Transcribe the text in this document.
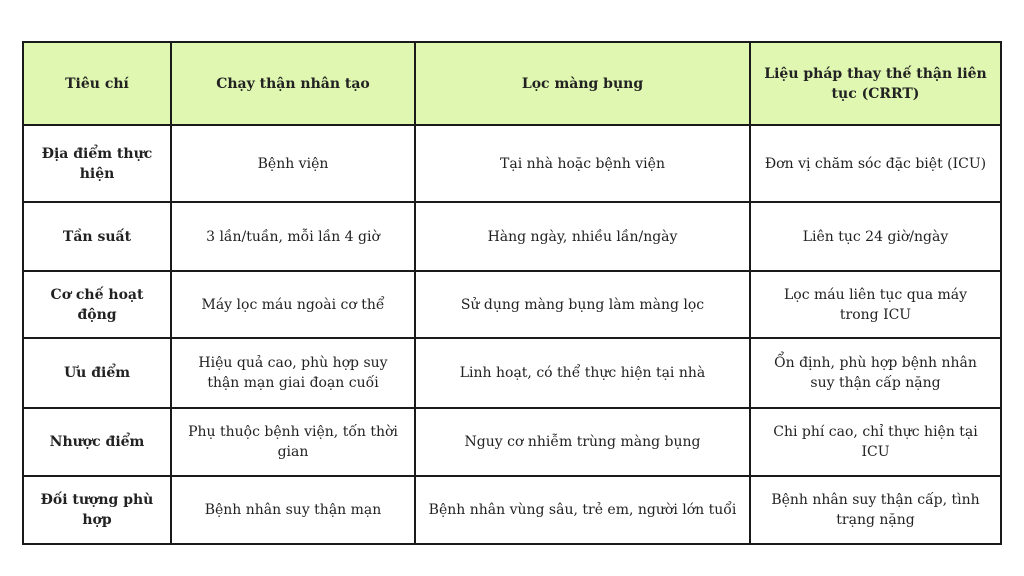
Tiêu chí	Chạy thận nhân tạo	Lọc màng bụng	Liệu pháp thay thế thận liên tục (CRRT)
Địa điểm thực hiện	Bệnh viện	Tại nhà hoặc bệnh viện	Đơn vị chăm sóc đặc biệt (ICU)
Tần suất	3 lần/tuần, mỗi lần 4 giờ	Hàng ngày, nhiều lần/ngày	Liên tục 24 giờ/ngày
Cơ chế hoạt động	Máy lọc máu ngoài cơ thể	Sử dụng màng bụng làm màng lọc	Lọc máu liên tục qua máy trong ICU
Ưu điểm	Hiệu quả cao, phù hợp suy thận mạn giai đoạn cuối	Linh hoạt, có thể thực hiện tại nhà	Ổn định, phù hợp bệnh nhân suy thận cấp nặng
Nhược điểm	Phụ thuộc bệnh viện, tốn thời gian	Nguy cơ nhiễm trùng màng bụng	Chi phí cao, chỉ thực hiện tại ICU
Đối tượng phù hợp	Bệnh nhân suy thận mạn	Bệnh nhân vùng sâu, trẻ em, người lớn tuổi	Bệnh nhân suy thận cấp, tình trạng nặng
